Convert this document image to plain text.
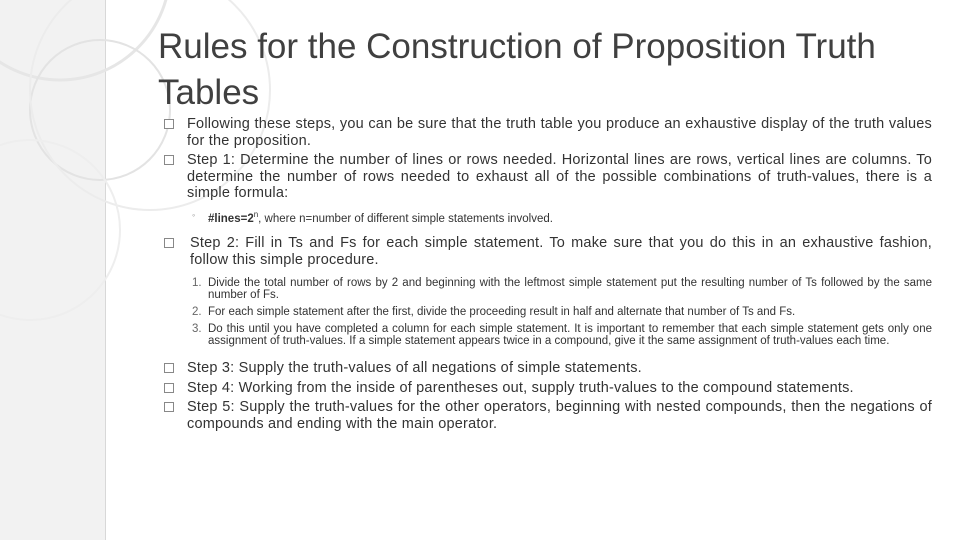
Rules for the Construction of Proposition Truth Tables
Following these steps, you can be sure that the truth table you produce an exhaustive display of the truth values for the proposition.
Step 1: Determine the number of lines or rows needed. Horizontal lines are rows, vertical lines are columns. To determine the number of rows needed to exhaust all of the possible combinations of truth-values, there is a simple formula:
◦ $\#lines=2^n$, where n=number of different simple statements involved.
Step 2: Fill in Ts and Fs for each simple statement. To make sure that you do this in an exhaustive fashion, follow this simple procedure.
1. Divide the total number of rows by 2 and beginning with the leftmost simple statement put the resulting number of Ts followed by the same number of Fs.
2. For each simple statement after the first, divide the proceeding result in half and alternate that number of Ts and Fs.
3. Do this until you have completed a column for each simple statement. It is important to remember that each simple statement gets only one assignment of truth-values. If a simple statement appears twice in a compound, give it the same assignment of truth-values each time.
Step 3: Supply the truth-values of all negations of simple statements.
Step 4: Working from the inside of parentheses out, supply truth-values to the compound statements.
Step 5: Supply the truth-values for the other operators, beginning with nested compounds, then the negations of compounds and ending with the main operator.
